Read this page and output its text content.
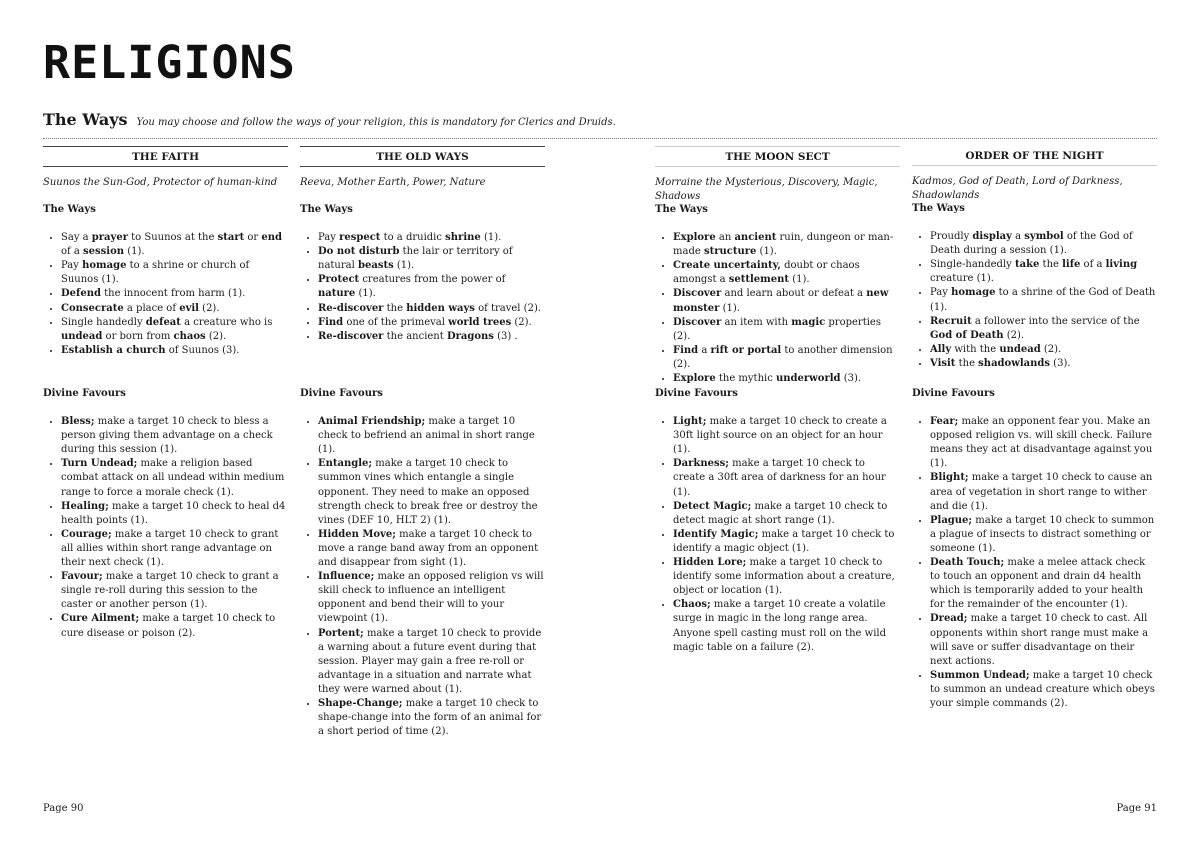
RELIGIONS
The Ways You may choose and follow the ways of your religion, this is mandatory for Clerics and Druids.
THE FAITH
Suunos the Sun-God, Protector of human-kind
The Ways
• Say a prayer to Suunos at the start or end of a session (1).
• Pay homage to a shrine or church of Suunos (1).
• Defend the innocent from harm (1).
• Consecrate a place of evil (2).
• Single handedly defeat a creature who is undead or born from chaos (2).
• Establish a church of Suunos (3).
Divine Favours
• Bless; make a target 10 check to bless a person giving them advantage on a check during this session (1).
• Turn Undead; make a religion based combat attack on all undead within medium range to force a morale check (1).
• Healing; make a target 10 check to heal d4 health points (1).
• Courage; make a target 10 check to grant all allies within short range advantage on their next check (1).
• Favour; make a target 10 check to grant a single re-roll during this session to the caster or another person (1).
• Cure Ailment; make a target 10 check to cure disease or poison (2).
THE OLD WAYS
Reeva, Mother Earth, Power, Nature
The Ways
• Pay respect to a druidic shrine (1).
• Do not disturb the lair or territory of natural beasts (1).
• Protect creatures from the power of nature (1).
• Re-discover the hidden ways of travel (2).
• Find one of the primeval world trees (2).
• Re-discover the ancient Dragons (3) .
Divine Favours
• Animal Friendship; make a target 10 check to befriend an animal in short range (1).
• Entangle; make a target 10 check to summon vines which entangle a single opponent. They need to make an opposed strength check to break free or destroy the vines (DEF 10, HLT 2) (1).
• Hidden Move; make a target 10 check to move a range band away from an opponent and disappear from sight (1).
• Influence; make an opposed religion vs will skill check to influence an intelligent opponent and bend their will to your viewpoint (1).
• Portent; make a target 10 check to provide a warning about a future event during that session. Player may gain a free re-roll or advantage in a situation and narrate what they were warned about (1).
• Shape-Change; make a target 10 check to shape-change into the form of an animal for a short period of time (2).
THE MOON SECT
Morraine the Mysterious, Discovery, Magic, Shadows
The Ways
• Explore an ancient ruin, dungeon or man-made structure (1).
• Create uncertainty, doubt or chaos amongst a settlement (1).
• Discover and learn about or defeat a new monster (1).
• Discover an item with magic properties (2).
• Find a rift or portal to another dimension (2).
• Explore the mythic underworld (3).
Divine Favours
• Light; make a target 10 check to create a 30ft light source on an object for an hour (1).
• Darkness; make a target 10 check to create a 30ft area of darkness for an hour (1).
• Detect Magic; make a target 10 check to detect magic at short range (1).
• Identify Magic; make a target 10 check to identify a magic object (1).
• Hidden Lore; make a target 10 check to identify some information about a creature, object or location (1).
• Chaos; make a target 10 create a volatile surge in magic in the long range area. Anyone spell casting must roll on the wild magic table on a failure (2).
ORDER OF THE NIGHT
Kadmos, God of Death, Lord of Darkness, Shadowlands
The Ways
• Proudly display a symbol of the God of Death during a session (1).
• Single-handedly take the life of a living creature (1).
• Pay homage to a shrine of the God of Death (1).
• Recruit a follower into the service of the God of Death (2).
• Ally with the undead (2).
• Visit the shadowlands (3).
Divine Favours
• Fear; make an opponent fear you. Make an opposed religion vs. will skill check. Failure means they act at disadvantage against you (1).
• Blight; make a target 10 check to cause an area of vegetation in short range to wither and die (1).
• Plague; make a target 10 check to summon a plague of insects to distract something or someone (1).
• Death Touch; make a melee attack check to touch an opponent and drain d4 health which is temporarily added to your health for the remainder of the encounter (1).
• Dread; make a target 10 check to cast. All opponents within short range must make a will save or suffer disadvantage on their next actions.
• Summon Undead; make a target 10 check to summon an undead creature which obeys your simple commands (2).
Page 90	Page 91
